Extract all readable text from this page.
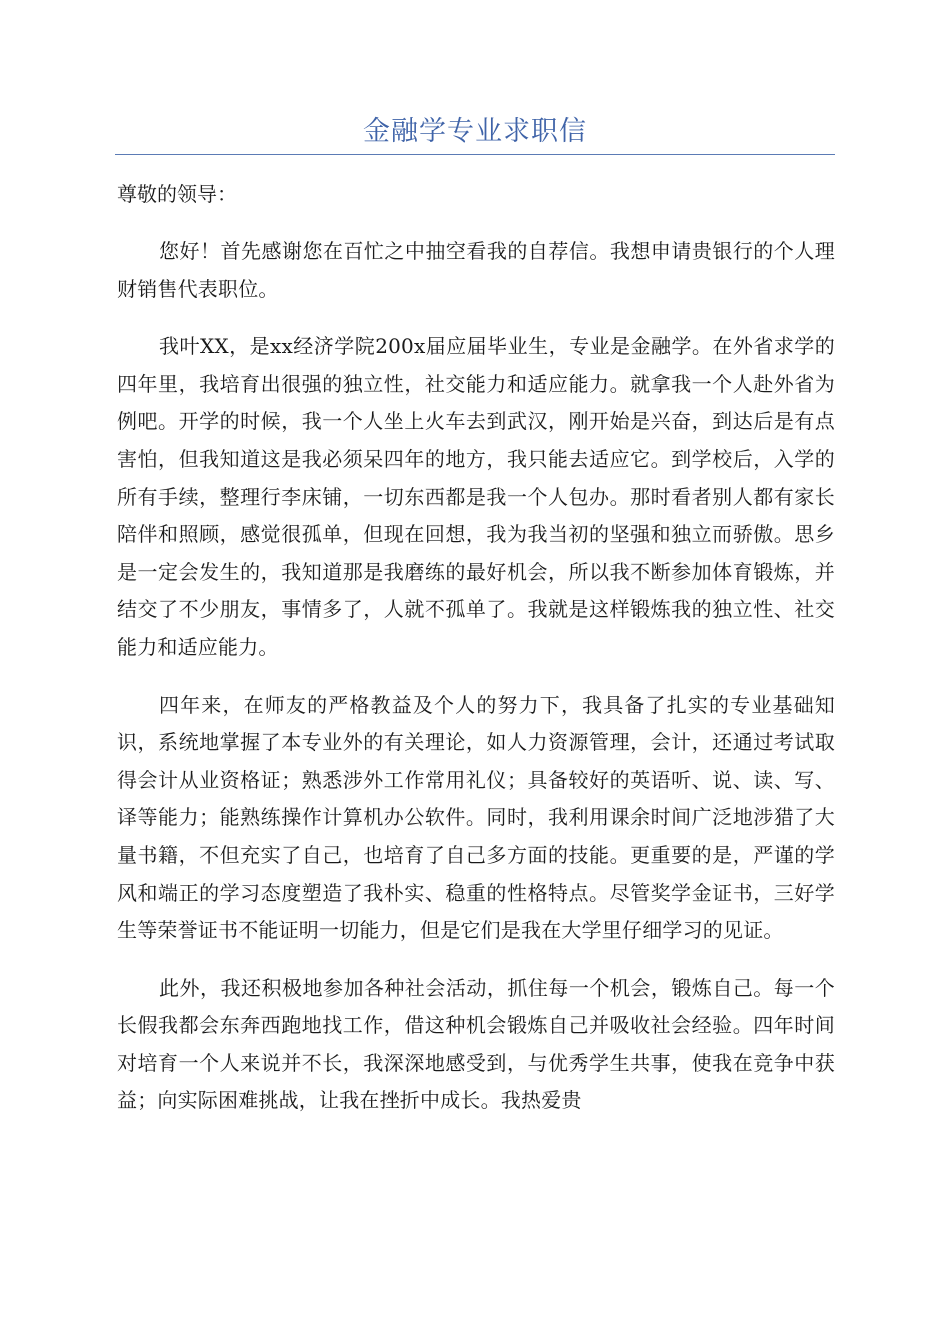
金融学专业求职信

尊敬的领导：

您好！首先感谢您在百忙之中抽空看我的自荐信。我想申请贵银行的个人理财销售代表职位。

我叶XX，是xx经济学院200x届应届毕业生，专业是金融学。在外省求学的四年里，我培育出很强的独立性，社交能力和适应能力。就拿我一个人赴外省为例吧。开学的时候，我一个人坐上火车去到武汉，刚开始是兴奋，到达后是有点害怕，但我知道这是我必须呆四年的地方，我只能去适应它。到学校后，入学的所有手续，整理行李床铺，一切东西都是我一个人包办。那时看者别人都有家长陪伴和照顾，感觉很孤单，但现在回想，我为我当初的坚强和独立而骄傲。思乡是一定会发生的，我知道那是我磨练的最好机会，所以我不断参加体育锻炼，并结交了不少朋友，事情多了，人就不孤单了。我就是这样锻炼我的独立性、社交能力和适应能力。

四年来，在师友的严格教益及个人的努力下，我具备了扎实的专业基础知识，系统地掌握了本专业外的有关理论，如人力资源管理，会计，还通过考试取得会计从业资格证；熟悉涉外工作常用礼仪；具备较好的英语听、说、读、写、译等能力；能熟练操作计算机办公软件。同时，我利用课余时间广泛地涉猎了大量书籍，不但充实了自己，也培育了自己多方面的技能。更重要的是，严谨的学风和端正的学习态度塑造了我朴实、稳重的性格特点。尽管奖学金证书，三好学生等荣誉证书不能证明一切能力，但是它们是我在大学里仔细学习的见证。

此外，我还积极地参加各种社会活动，抓住每一个机会，锻炼自己。每一个长假我都会东奔西跑地找工作，借这种机会锻炼自己并吸收社会经验。四年时间对培育一个人来说并不长，我深深地感受到，与优秀学生共事，使我在竞争中获益；向实际困难挑战，让我在挫折中成长。我热爱贵
